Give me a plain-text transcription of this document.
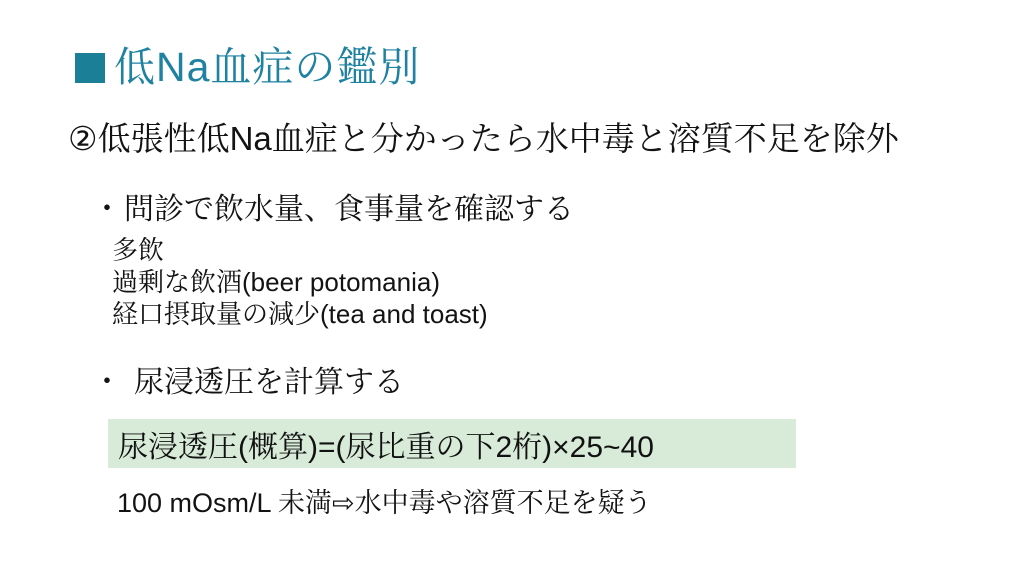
低Na血症の鑑別

②低張性低Na血症と分かったら水中毒と溶質不足を除外

・ 問診で飲水量、食事量を確認する

多飲
過剰な飲酒(beer potomania)
経口摂取量の減少(tea and toast)

・ 尿浸透圧を計算する

尿浸透圧(概算)=(尿比重の下2桁)×25~40

100 mOsm/L 未満⇨水中毒や溶質不足を疑う
